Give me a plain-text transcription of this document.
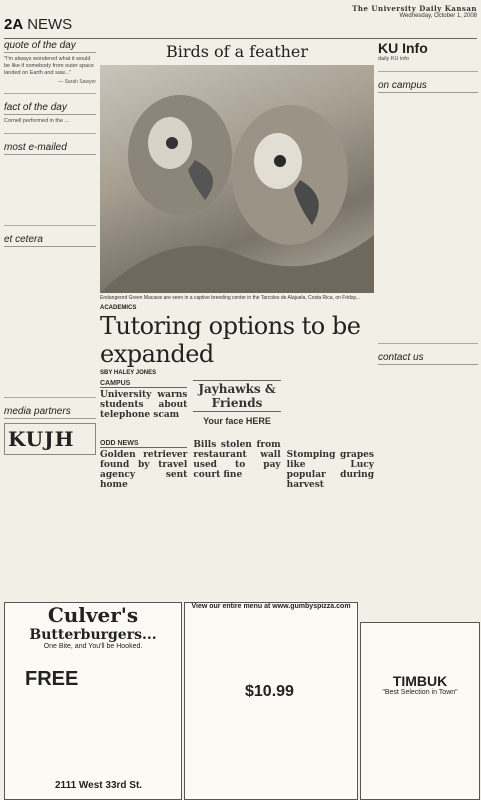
2A NEWS
The University Daily Kansan
Wednesday, October 1, 2008
quote of the day
"I'm always wondered what it would be like if somebody from outer space landed on Earth and saw..."
— Sarah Sawyer
fact of the day
Cornell performed in the ...
most e-mailed
et cetera
media partners
KUJH
Birds of a feather
Endangered Green Macaws are seen in a captive breeding center in the Tarcoles de Alajuela, Costa Rica, on Friday...
ACADEMICS
Tutoring options to be expanded
SBY HALEY JONES
CAMPUS
University warns students about telephone scam
ODD NEWS
Golden retriever found by travel agency sent home
Jayhawks & Friends
Your face HERE
Bills stolen from restaurant wall used to pay court fine
Stomping grapes like Lucy popular during harvest
KU Info
daily KU info
on campus
contact us
Culver's
Butterburgers...
One Bite, and You'll be Hooked.
FREE
2111 West 33rd St.
View our entire menu at www.gumbyspizza.com
$10.99
TIMBUK
"Best Selection in Town"
